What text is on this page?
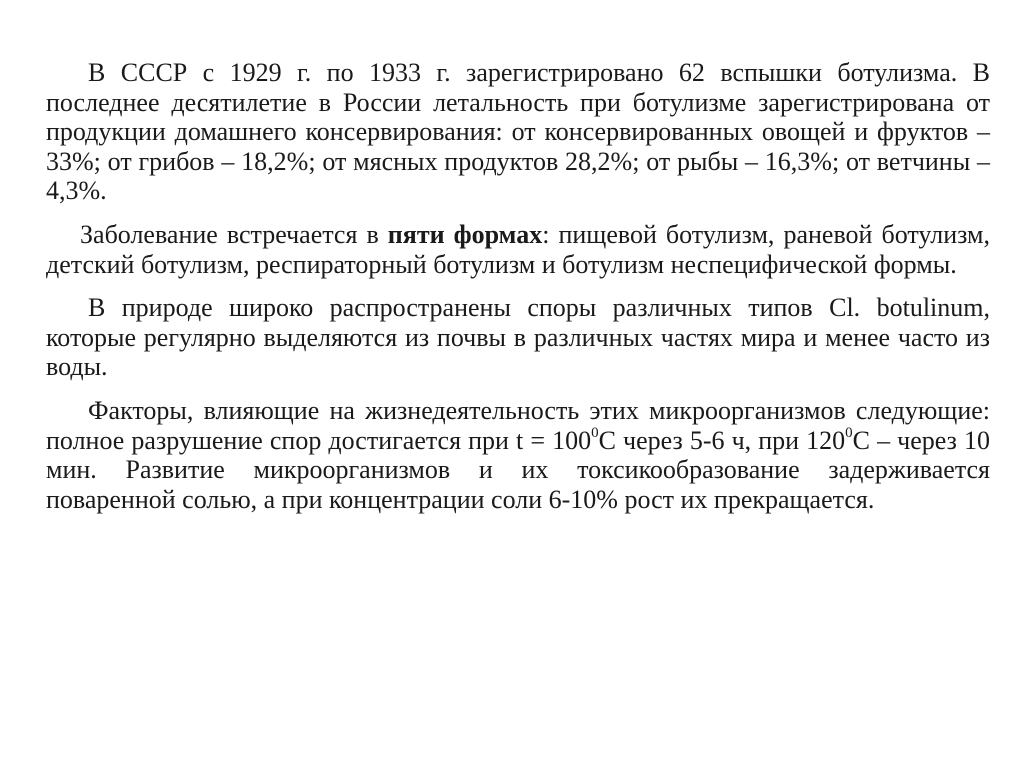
В СССР с 1929 г. по 1933 г. зарегистрировано 62 вспышки ботулизма. В последнее десятилетие в России летальность при ботулизме зарегистрирована от продукции домашнего консервирования: от консервированных овощей и фруктов – 33%; от грибов – 18,2%; от мясных продуктов 28,2%; от рыбы – 16,3%; от ветчины – 4,3%.

Заболевание встречается в пяти формах: пищевой ботулизм, раневой ботулизм, детский ботулизм, респираторный ботулизм и ботулизм неспецифической формы.

В природе широко распространены споры различных типов Cl. botulinum, которые регулярно выделяются из почвы в различных частях мира и менее часто из воды.

Факторы, влияющие на жизнедеятельность этих микроорганизмов следующие: полное разрушение спор достигается при $t = 100^0С$ через 5-6 ч, при $120^0С$ – через 10 мин. Развитие микроорганизмов и их токсикообразование задерживается поваренной солью, а при концентрации соли 6-10% рост их прекращается.
